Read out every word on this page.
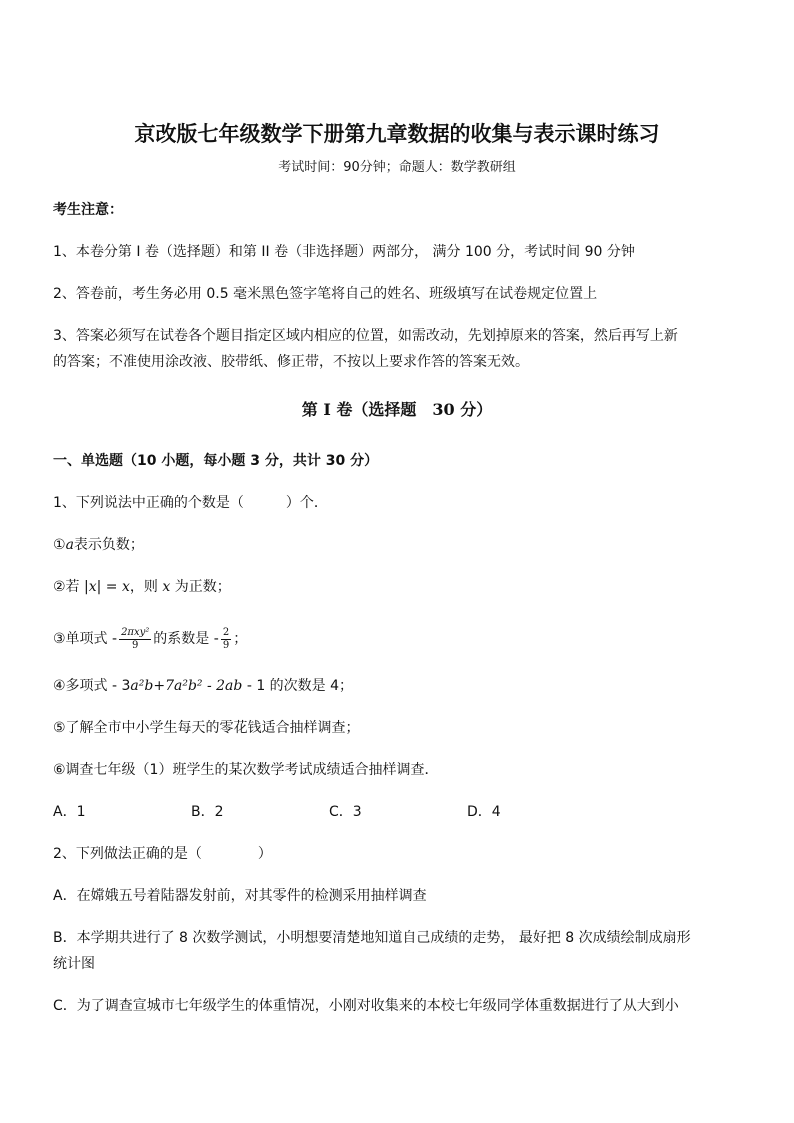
京改版七年级数学下册第九章数据的收集与表示课时练习
考试时间：90分钟；命题人：数学教研组
考生注意：
1、本卷分第 I 卷（选择题）和第 II 卷（非选择题）两部分， 满分 100 分，考试时间 90 分钟
2、答卷前，考生务必用 0.5 毫米黑色签字笔将自己的姓名、班级填写在试卷规定位置上
3、答案必须写在试卷各个题目指定区域内相应的位置，如需改动，先划掉原来的答案，然后再写上新
的答案；不准使用涂改液、胶带纸、修正带，不按以上要求作答的答案无效。
第 I 卷（选择题　30 分）
一、单选题（10 小题，每小题 3 分，共计 30 分）
1、下列说法中正确的个数是（　　　）个．
①a表示负数；
②若 |x| = x，则 x 为正数；
③单项式 - $\frac{\text{2πxy²}}{9}$ 的系数是 - $\frac{2}{9}$ ；
④多项式 - 3a²b+7a²b² - 2ab - 1 的次数是 4；
⑤了解全市中小学生每天的零花钱适合抽样调查；
⑥调查七年级（1）班学生的某次数学考试成绩适合抽样调查．
A．1	B．2	C．3	D．4
2、下列做法正确的是（　　　　）
A．在嫦娥五号着陆器发射前，对其零件的检测采用抽样调查
B．本学期共进行了 8 次数学测试，小明想要清楚地知道自己成绩的走势， 最好把 8 次成绩绘制成扇形
统计图
C．为了调查宣城市七年级学生的体重情况，小刚对收集来的本校七年级同学体重数据进行了从大到小
